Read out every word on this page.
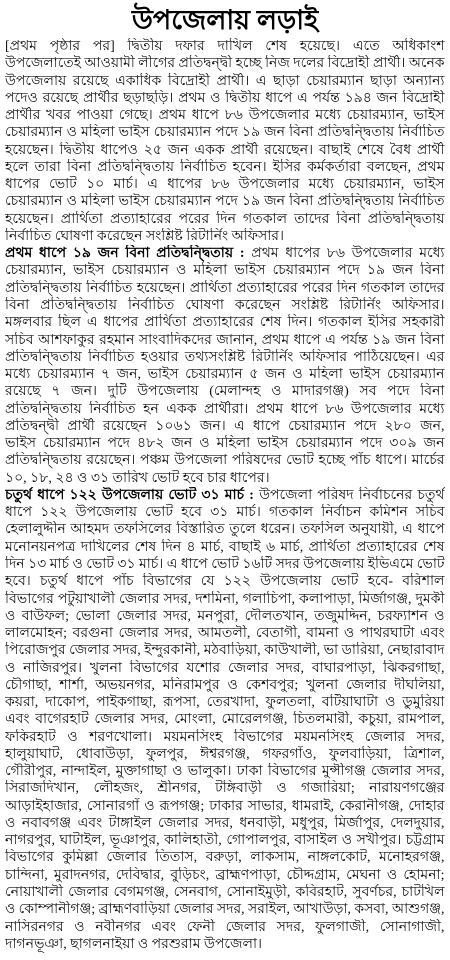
উপজেলায় লড়াই
[প্রথম পৃষ্ঠার পর] দ্বিতীয় দফার দাখিল শেষ হয়েছে। এতে অধিকাংশ
উপজেলাতেই আওয়ামী লীগের প্রতিদ্বন্দ্বী হচ্ছে নিজ দলের বিদ্রোহী প্রার্থী। অনেক
উপজেলায় রয়েছে একাধিক বিদ্রোহী প্রার্থী। এ ছাড়া চেয়ারম্যান ছাড়া অন্যান্য
পদেও রয়েছে প্রার্থীর ছড়াছড়ি। প্রথম ও দ্বিতীয় ধাপে এ পর্যন্ত ১৯৪ জন বিদ্রোহী
প্রার্থীর খবর পাওয়া গেছে। প্রথম ধাপে ৮৬ উপজেলার মধ্যে চেয়ারম্যান, ভাইস
চেয়ারম্যান ও মহিলা ভাইস চেয়ারম্যান পদে ১৯ জন বিনা প্রতিদ্বন্দ্বিতায় নির্বাচিত
হয়েছেন। দ্বিতীয় ধাপেও ২৫ জন একক প্রার্থী রয়েছেন। বাছাই শেষে বৈধ প্রার্থী
হলে তারা বিনা প্রতিদ্বন্দ্বিতায় নির্বাচিত হবেন। ইসির কর্মকর্তারা বলছেন, প্রথম
ধাপের ভোট ১০ মার্চ। এ ধাপের ৮৬ উপজেলার মধ্যে চেয়ারম্যান, ভাইস
চেয়ারম্যান ও মহিলা ভাইস চেয়ারম্যান পদে ১৯ জন বিনা প্রতিদ্বন্দ্বিতায় নির্বাচিত
হয়েছেন। প্রার্থিতা প্রত্যাহারের পরের দিন গতকাল তাদের বিনা প্রতিদ্বন্দ্বিতায়
নির্বাচিত ঘোষণা করেছেন সংশ্লিষ্ট রিটার্নিং অফিসার।
প্রথম ধাপে ১৯ জন বিনা প্রতিদ্বন্দ্বিতায় : প্রথম ধাপের ৮৬ উপজেলার মধ্যে
চেয়ারম্যান, ভাইস চেয়ারম্যান ও মহিলা ভাইস চেয়ারম্যান পদে ১৯ জন বিনা
প্রতিদ্বন্দ্বিতায় নির্বাচিত হয়েছেন। প্রার্থিতা প্রত্যাহারের পরের দিন গতকাল তাদের
বিনা প্রতিদ্বন্দ্বিতায় নির্বাচিত ঘোষণা করেছেন সংশ্লিষ্ট রিটার্নিং অফিসার।
মঙ্গলবার ছিল এ ধাপের প্রার্থিতা প্রত্যাহারের শেষ দিন। গতকাল ইসির সহকারী
সচিব আশফাকুর রহমান সাংবাদিকদের জানান, প্রথম ধাপে এ পর্যন্ত ১৯ জন বিনা
প্রতিদ্বন্দ্বিতায় নির্বাচিত হওয়ার তথ্যসংশ্লিষ্ট রিটার্নিং অফিসার পাঠিয়েছেন। এর
মধ্যে চেয়ারম্যান ৭ জন, ভাইস চেয়ারম্যান ৫ জন ও মহিলা ভাইস চেয়ারম্যান
রয়েছে ৭ জন। দুটি উপজেলায় (মেলান্দহ ও মাদারগঞ্জ) সব পদে বিনা
প্রতিদ্বন্দ্বিতায় নির্বাচিত হন একক প্রার্থীরা। প্রথম ধাপে ৮৬ উপজেলার মধ্যে
প্রতিদ্বন্দ্বী প্রার্থী রয়েছেন ১০৬১ জন। এ ধাপে চেয়ারম্যান পদে ২৮০ জন,
ভাইস চেয়ারম্যান পদে ৪৮২ জন ও মহিলা ভাইস চেয়ারম্যান পদে ৩০৯ জন
প্রতিদ্বন্দ্বিতায় রয়েছেন। পঞ্চম উপজেলা পরিষদের ভোট হচ্ছে পাঁচ ধাপে। মার্চের
১০, ১৮, ২৪ ও ৩১ তারিখ ভোট হবে চার ধাপের।
চতুর্থ ধাপে ১২২ উপজেলায় ভোট ৩১ মার্চ : উপজেলা পরিষদ নির্বাচনের চতুর্থ
ধাপে ১২২ উপজেলায় ভোট হবে ৩১ মার্চ। গতকাল নির্বাচন কমিশন সচিব
হেলালুদ্দীন আহমদ তফসিলের বিস্তারিত তুলে ধরেন। তফসিল অনুযায়ী, এ ধাপে
মনোনয়নপত্র দাখিলের শেষ দিন ৪ মার্চ, বাছাই ৬ মার্চ, প্রার্থিতা প্রত্যাহারের শেষ
দিন ১৩ মার্চ ও ভোট ৩১ মার্চ। এ ধাপে ভোট ১৬টি সদর উপজেলায় ইভিএমে ভোট
হবে। চতুর্থ ধাপে পাঁচ বিভাগের যে ১২২ উপজেলায় ভোট হবে- বরিশাল
বিভাগের পটুয়াখালী জেলার সদর, দশমিনা, গলাচিপা, কলাপাড়া, মির্জাগঞ্জ, দুমকী
ও বাউফল; ভোলা জেলার সদর, মনপুরা, দৌলতখান, তজুমদ্দিন, চরফ্যাশন ও
লালমোহন; বরগুনা জেলার সদর, আমতলী, বেতাগী, বামনা ও পাথরঘাটা এবং
পিরোজপুর জেলার সদর, ইন্দুরকানী, মঠবাড়িয়া, কাউখালী, ভা ডারিয়া, নেছারাবাদ
ও নাজিরপুর। খুলনা বিভাগের যশোর জেলার সদর, বাঘারপাড়া, ঝিকরগাছা,
চৌগাছা, শার্শা, অভয়নগর, মনিরামপুর ও কেশবপুর; খুলনা জেলার দীঘলিয়া,
কয়রা, দাকোপ, পাইকগাছা, রূপসা, তেরখাদা, ফুলতলা, বটিয়াঘাটা ও ডুমুরিয়া
এবং বাগেরহাট জেলার সদর, মোংলা, মোরেলগঞ্জ, চিতলমারী, কচুয়া, রামপাল,
ফকিরহাট ও শরণখোলা। ময়মনসিংহ বিভাগের ময়মনসিংহ জেলার সদর,
হালুয়াঘাট, ধোবাউড়া, ফুলপুর, ঈশ্বরগঞ্জ, গফরগাঁও, ফুলবাড়িয়া, ত্রিশাল,
গৌরীপুর, নান্দাইল, মুক্তাগাছা ও ভালুকা। ঢাকা বিভাগের মুন্সীগঞ্জ জেলার সদর,
সিরাজদিখান, লৌহজং, শ্রীনগর, টঙ্গিবাড়ী ও গজারিয়া; নারায়ণগঞ্জের
আড়াইহাজার, সোনারগাঁ ও রূপগঞ্জ; ঢাকার সাভার, ধামরাই, কেরানীগঞ্জ, দোহার
ও নবাবগঞ্জ এবং টাঙ্গাইল জেলার সদর, ধনবাড়ী, মধুপুর, মির্জাপুর, দেলদুয়ার,
নাগরপুর, ঘাটাইল, ভূঞাপুর, কালিহাতী, গোপালপুর, বাসাইল ও সখীপুর। চট্টগ্রাম
বিভাগের কুমিল্লা জেলার তিতাস, বরুড়া, লাকসাম, নাঙ্গলকোট, মনোহরগঞ্জ,
চান্দিনা, মুরাদনগর, দেবিদ্বার, বুড়িচং, ব্রাহ্মণপাড়া, চৌদ্দগ্রাম, মেঘনা ও হোমনা;
নোয়াখালী জেলার বেগমগঞ্জ, সেনবাগ, সোনাইমুড়ী, কবিরহাট, সুবর্ণচর, চাটখিল
ও কোম্পানীগঞ্জ; ব্রাহ্মণবাড়িয়া জেলার সদর, সরাইল, আখাউড়া, কসবা, আশুগঞ্জ,
নাসিরনগর ও নবীনগর এবং ফেনী জেলার সদর, ফুলগাজী, সোনাগাজী,
দাগনভূঞা, ছাগলনাইয়া ও পরশুরাম উপজেলা।
